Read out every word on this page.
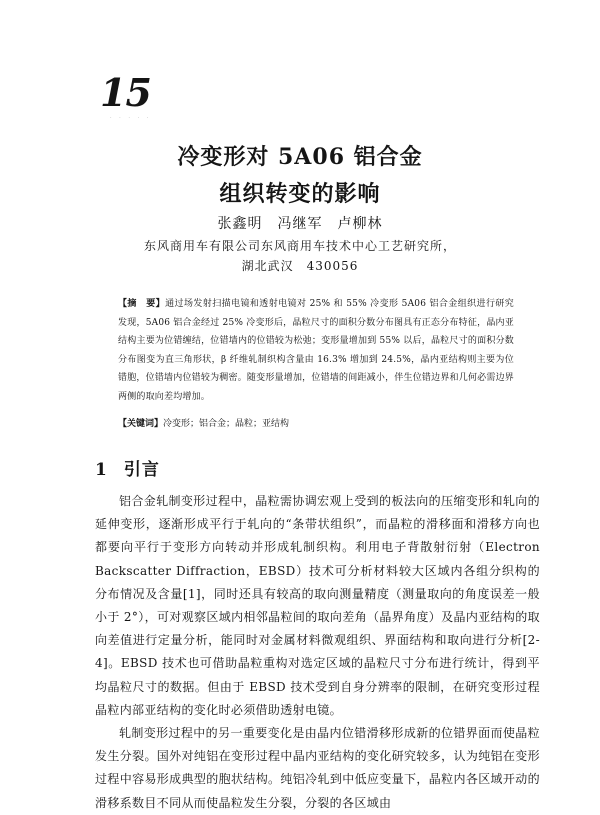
15
· · · · ·
冷变形对 5A06 铝合金
组织转变的影响
张鑫明　冯继军　卢柳林
东风商用车有限公司东风商用车技术中心工艺研究所，
湖北武汉　430056
【摘　要】通过场发射扫描电镜和透射电镜对 25% 和 55% 冷变形 5A06 铝合金组织进行研究发现，5A06 铝合金经过 25% 冷变形后，晶粒尺寸的面积分数分布图具有正态分布特征，晶内亚结构主要为位错缠结，位错墙内的位错较为松弛；变形量增加到 55% 以后，晶粒尺寸的面积分数分布图变为直三角形状，β 纤维轧制织构含量由 16.3% 增加到 24.5%，晶内亚结构则主要为位错胞，位错墙内位错较为稠密。随变形量增加，位错墙的间距减小，伴生位错边界和几何必需边界两侧的取向差均增加。
【关键词】冷变形；铝合金；晶粒；亚结构
1 引言

铝合金轧制变形过程中，晶粒需协调宏观上受到的板法向的压缩变形和轧向的延伸变形，逐渐形成平行于轧向的“条带状组织”，而晶粒的滑移面和滑移方向也都要向平行于变形方向转动并形成轧制织构。利用电子背散射衍射（Electron Backscatter Diffraction，EBSD）技术可分析材料较大区域内各组分织构的分布情况及含量[1]，同时还具有较高的取向测量精度（测量取向的角度误差一般小于 2°），可对观察区域内相邻晶粒间的取向差角（晶界角度）及晶内亚结构的取向差值进行定量分析，能同时对金属材料微观组织、界面结构和取向进行分析[2-4]。EBSD 技术也可借助晶粒重构对选定区域的晶粒尺寸分布进行统计，得到平均晶粒尺寸的数据。但由于 EBSD 技术受到自身分辨率的限制，在研究变形过程晶粒内部亚结构的变化时必须借助透射电镜。

轧制变形过程中的另一重要变化是由晶内位错滑移形成新的位错界面而使晶粒发生分裂。国外对纯铝在变形过程中晶内亚结构的变化研究较多，认为纯铝在变形过程中容易形成典型的胞状结构。纯铝冷轧到中低应变量下，晶粒内各区域开动的滑移系数目不同从而使晶粒发生分裂，分裂的各区域由
